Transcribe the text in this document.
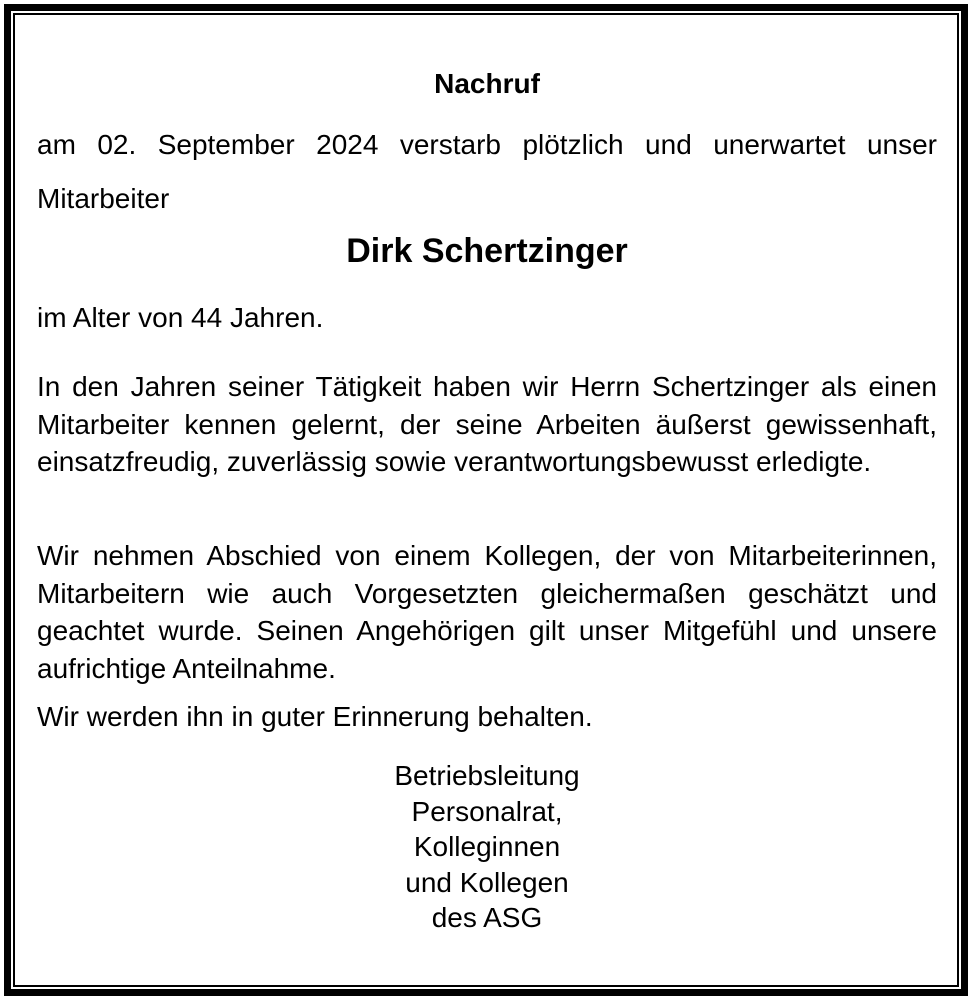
Nachruf
am 02. September 2024 verstarb plötzlich und unerwartet unser
Mitarbeiter
Dirk Schertzinger
im Alter von 44 Jahren.
In den Jahren seiner Tätigkeit haben wir Herrn Schertzinger als einen Mitarbeiter kennen gelernt, der seine Arbeiten äußerst gewissenhaft, einsatzfreudig, zuverlässig sowie verantwortungsbewusst erledigte.
Wir nehmen Abschied von einem Kollegen, der von Mitarbeiterinnen, Mitarbeitern wie auch Vorgesetzten gleichermaßen geschätzt und geachtet wurde. Seinen Angehörigen gilt unser Mitgefühl und unsere aufrichtige Anteilnahme.
Wir werden ihn in guter Erinnerung behalten.
Betriebsleitung
Personalrat,
Kolleginnen
und Kollegen
des ASG
